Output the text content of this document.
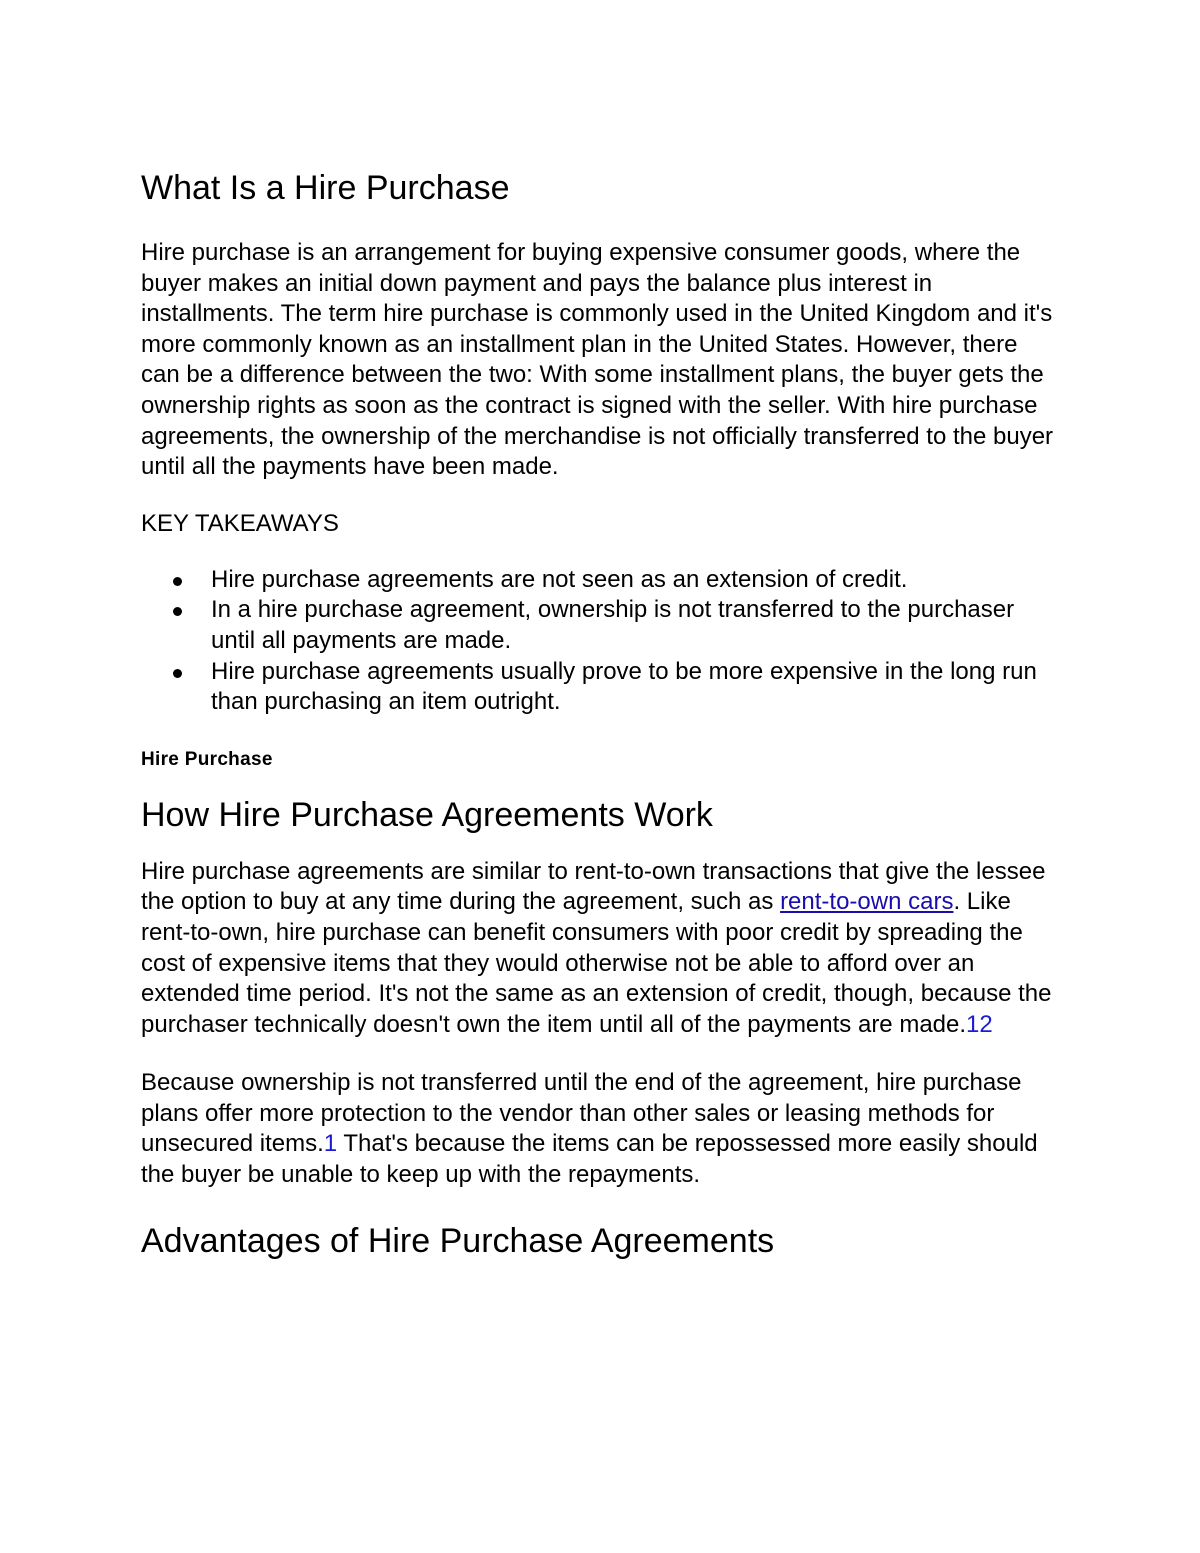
What Is a Hire Purchase

Hire purchase is an arrangement for buying expensive consumer goods, where the buyer makes an initial down payment and pays the balance plus interest in installments. The term hire purchase is commonly used in the United Kingdom and it's more commonly known as an installment plan in the United States. However, there can be a difference between the two: With some installment plans, the buyer gets the ownership rights as soon as the contract is signed with the seller. With hire purchase agreements, the ownership of the merchandise is not officially transferred to the buyer until all the payments have been made.

KEY TAKEAWAYS

Hire purchase agreements are not seen as an extension of credit.
In a hire purchase agreement, ownership is not transferred to the purchaser until all payments are made.
Hire purchase agreements usually prove to be more expensive in the long run than purchasing an item outright.

Hire Purchase

How Hire Purchase Agreements Work

Hire purchase agreements are similar to rent-to-own transactions that give the lessee the option to buy at any time during the agreement, such as rent-to-own cars. Like rent-to-own, hire purchase can benefit consumers with poor credit by spreading the cost of expensive items that they would otherwise not be able to afford over an extended time period. It's not the same as an extension of credit, though, because the purchaser technically doesn't own the item until all of the payments are made.12

Because ownership is not transferred until the end of the agreement, hire purchase plans offer more protection to the vendor than other sales or leasing methods for unsecured items.1 That's because the items can be repossessed more easily should the buyer be unable to keep up with the repayments.

Advantages of Hire Purchase Agreements
